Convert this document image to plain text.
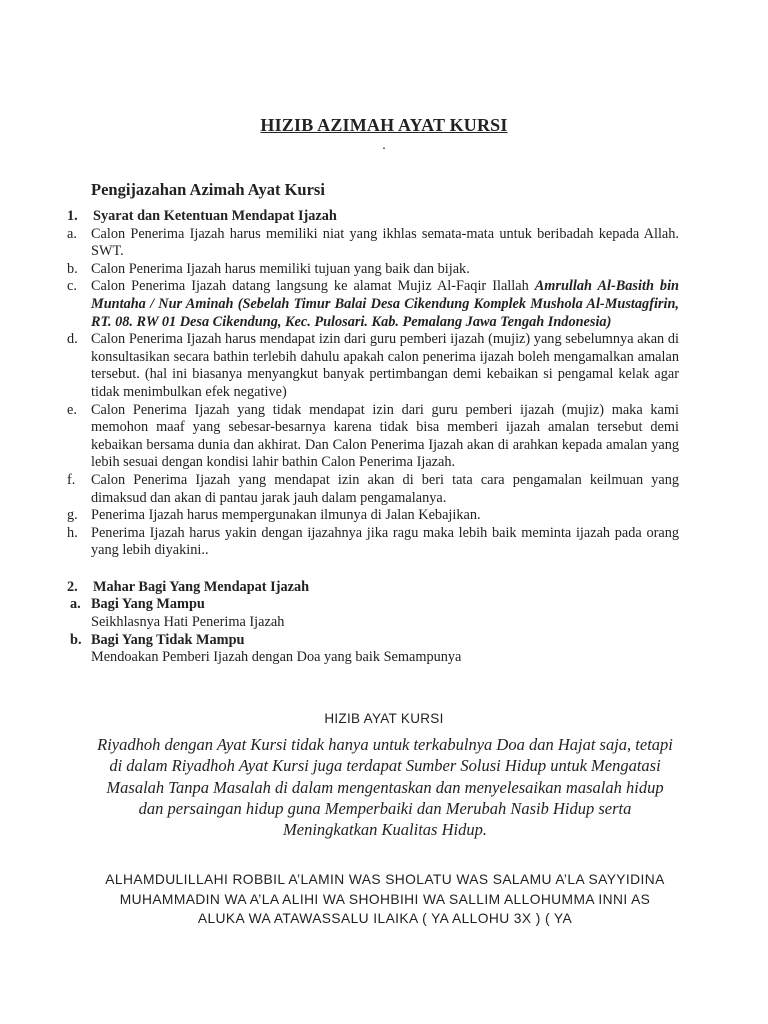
HIZIB AZIMAH AYAT KURSI
.
Pengijazahan Azimah Ayat Kursi
1.	Syarat dan Ketentuan Mendapat Ijazah
a. Calon Penerima Ijazah harus memiliki niat yang ikhlas semata-mata untuk beribadah kepada Allah. SWT.
b. Calon Penerima Ijazah harus memiliki tujuan yang baik dan bijak.
c. Calon Penerima Ijazah datang langsung ke alamat Mujiz Al-Faqir Ilallah Amrullah Al-Basith bin Muntaha / Nur Aminah (Sebelah Timur Balai Desa Cikendung Komplek Mushola Al-Mustagfirin, RT. 08. RW 01 Desa Cikendung, Kec. Pulosari. Kab. Pemalang Jawa Tengah Indonesia)
d. Calon Penerima Ijazah harus mendapat izin dari guru pemberi ijazah (mujiz) yang sebelumnya akan di konsultasikan secara bathin terlebih dahulu apakah calon penerima ijazah boleh mengamalkan amalan tersebut. (hal ini biasanya menyangkut banyak pertimbangan demi kebaikan si pengamal kelak agar tidak menimbulkan efek negative)
e. Calon Penerima Ijazah yang tidak mendapat izin dari guru pemberi ijazah (mujiz) maka kami memohon maaf yang sebesar-besarnya karena tidak bisa memberi ijazah amalan tersebut demi kebaikan bersama dunia dan akhirat. Dan Calon Penerima Ijazah akan di arahkan kepada amalan yang lebih sesuai dengan kondisi lahir bathin Calon Penerima Ijazah.
f.	Calon Penerima Ijazah yang mendapat izin akan di beri tata cara pengamalan keilmuan yang dimaksud dan akan di pantau jarak jauh dalam pengamalanya.
g. Penerima Ijazah harus mempergunakan ilmunya di Jalan Kebajikan.
h. Penerima Ijazah harus yakin dengan ijazahnya jika ragu maka lebih baik meminta ijazah pada orang yang lebih diyakini..
2.	Mahar Bagi Yang Mendapat Ijazah
a. Bagi Yang Mampu
Seikhlasnya Hati Penerima Ijazah
b. Bagi Yang Tidak Mampu
Mendoakan Pemberi Ijazah dengan Doa yang baik Semampunya
HIZIB AYAT KURSI
Riyadhoh dengan Ayat Kursi tidak hanya untuk terkabulnya Doa dan Hajat saja, tetapi di dalam Riyadhoh Ayat Kursi juga terdapat Sumber Solusi Hidup untuk Mengatasi Masalah Tanpa Masalah di dalam mengentaskan dan menyelesaikan masalah hidup dan persaingan hidup guna Memperbaiki dan Merubah Nasib Hidup serta Meningkatkan Kualitas Hidup.
ALHAMDULILLAHI ROBBIL A’LAMIN WAS SHOLATU WAS SALAMU A’LA SAYYIDINA MUHAMMADIN WA A’LA ALIHI WA SHOHBIHI WA SALLIM ALLOHUMMA INNI AS ALUKA WA ATAWASSALU ILAIKA ( YA ALLOHU 3X ) ( YA
